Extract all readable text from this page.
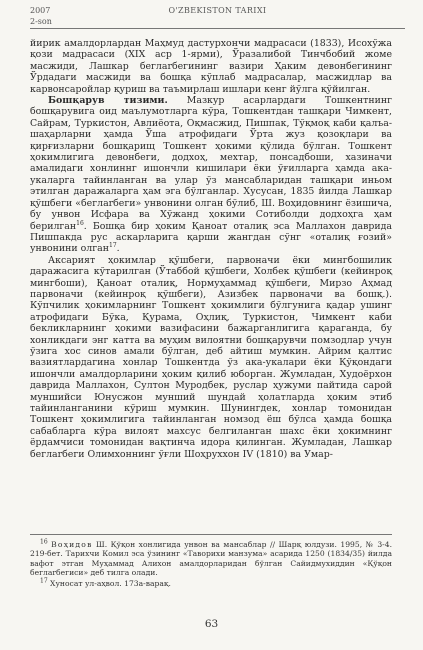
2007	O'ZBEKISTON TARIXI
2-son

йирик амалдорлардан Маҳмуд дастурхончи мадрасаси (1833), Исоxўжа қози мадрасаси (XIX аср 1-ярми), Ўразалибой Тинчбобий жоме масжиди, Лашкар беглarбегининг вазири Ҳаким девонбегининг Ўрдадаги масжиди ва бошқа кўплаб мадрасалар, масжидлар ва карвонсаройлар қуриш ва таъмирлаш ишлари кенг йўлга қўйилган.

Бошқарув тизими. Мазкур асарлардаги Тошкентнинг бошқарувига оид маълумотларга кўра, Тошкентдан ташқари Чимкент, Сайрам, Туркистон, Авлиёота, Оқмасжид, Пишпак, Тўқмоқ каби қалъа-шаҳарларни ҳамда Ўша атрофидаги Ўрта жуз қозоқлари ва қирғизларни бошқарищ Тошкент ҳокими қўлида бўлган. Тошкент ҳокимлигига девонбеги, додхоҳ, мехтар, понсадбоши, хазиначи амалидаги хонлиннг ишончли кишилари ёки ўғилларга ҳамда ака-укаларга тайинланган ва улар ўз мансабларидан ташқари иньом этилган даражаларга ҳам эга бўлганлар. Хусусан, 1835 йилда Лашкар қўшбеги «беглarбеги» унвонини олган бўлиб, Ш. Воҳидовнинг ёзишича, бу унвон Исфара ва Хўжанд ҳокими Сотиболди додхоҳга ҳам берилган$^{16}$. Бошқа бир ҳоким Қаноат оталиқ эса Маллахон даврида Пишпакда рус аскарларига қарши жангдан сўнг «оталиқ ғозий» унвонини олган$^{17}$.

Аксарият ҳокимлар қўшбеги, парвоначи ёки мингбошилик даражасига кўтарилган (Ўтаббой қўшбеги, Холбек қўшбеги (кейинроқ мингбоши), Қаноат оталиқ, Нормуҳаммад қўшбеги, Мирзо Аҳмад парвоначи (кейинроқ қўшбеги), Азизбек парвоначи ва бошқ.). Кўпчилик ҳокимларнинг Тошкент ҳокимлиги бўлгунига қадар ушинг атрофидаги Бўка, Қурама, Оҳлиқ, Туркистон, Чимкент каби бекликларнинг ҳокими вазифасини бажарганлигига қараганда, бу хонликдаги энг катта ва муҳим вилоятни бошқарувчи помзодлар учун ўзига хос синов амали бўлган, деб айтиш мумкин. Айрим қалтис вазиятлардагина хонлар Тошкентда ўз ака-укалари ёки Қўқондаги ишончли амалдорларини ҳоким қилиб юборган. Жумладан, Худоёрхон даврида Маллахон, Султон Муродбек, руслар ҳужуми пайтида сарой муншийси Юнусжон мунший шундай ҳолатларда ҳоким этиб тайинланганини кўриш мумкин. Шунингдек, хонлар томонидан Тошкент ҳокимлигига тайинланган номзод ёш бўлса ҳамда бошқа сабабларга кўра вилоят махсус белгиланган шахс ёки ҳокимнинг ёрдамчиси томонидан вақтинча идора қилинган. Жумладан, Лашкар беглarбеги Олимхоннинг ўғли Шоҳруххон IV (1810) ва Умар-

$^{16}$ Воҳидов Ш. Қўқон хонлигида унвон ва мансаблар // Шарқ юлдузи. 1995, № 3-4. 219-бет. Тарихчи Комил эса ўзининг «Таворихи манзума» асарида 1250 (1834/35) йилда вафот этган Муҳаммад Алихон амалдорларидан бўлган Сайидмухиддин «Қўқон беглarбегиси» деб тилга олади.

$^{17}$ Хуносат ул-аҳвол. 173а-варақ.

63
